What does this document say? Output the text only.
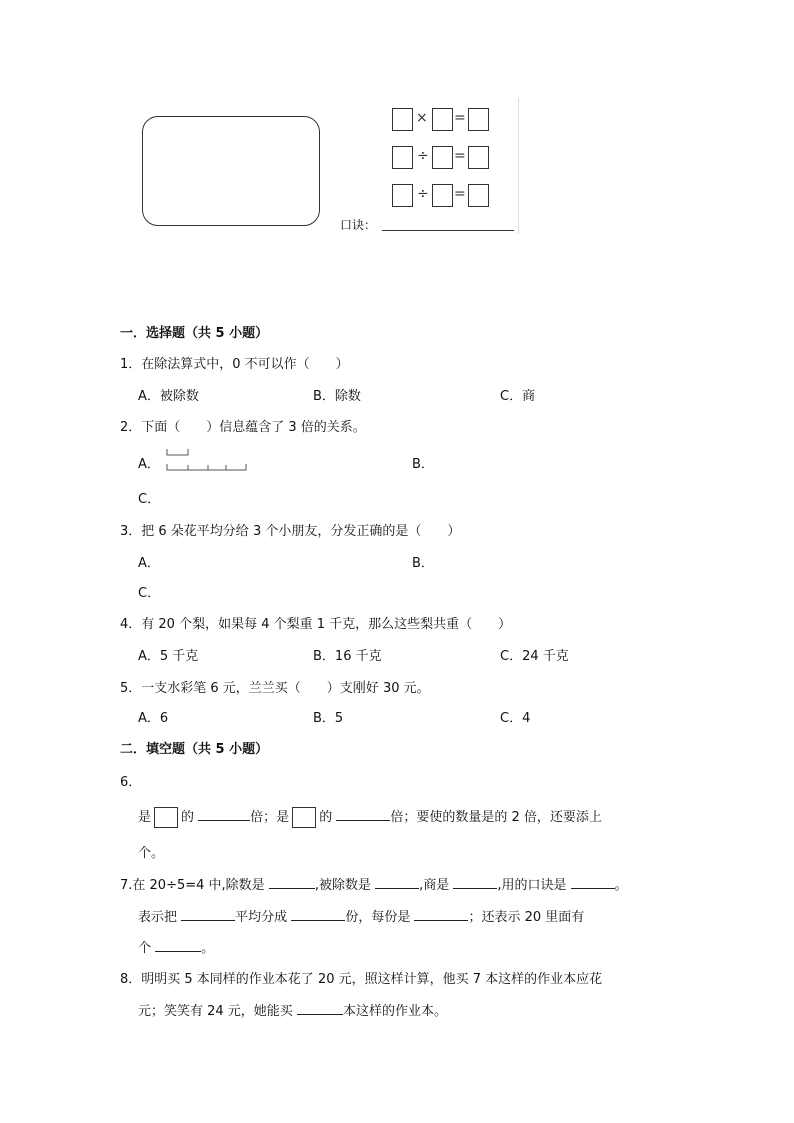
× =
÷ =
÷ =
口诀：
一．选择题（共 5 小题）
1．在除法算式中，0 不可以作（　　）
A．被除数	B．除数	C．商
2．下面（　　）信息蕴含了 3 倍的关系。
A．	B．
C．
3．把 6 朵花平均分给 3 个小朋友，分发正确的是（　　）
A．	B．
C．
4．有 20 个梨，如果每 4 个梨重 1 千克，那么这些梨共重（　　）
A．5 千克	B．16 千克	C．24 千克
5．一支水彩笔 6 元，兰兰买（　　）支刚好 30 元。
A．6	B．5	C．4
二．填空题（共 5 小题）
6．
是 的	倍；是 的	倍；要使的数量是的 2 倍，还要添上
个。
7.在 20÷5=4 中,除数是	,被除数是	,商是	,用的口诀是	。
表示把	平均分成	份，每份是	；还表示 20 里面有
个	。
8．明明买 5 本同样的作业本花了 20 元，照这样计算，他买 7 本这样的作业本应花
元；笑笑有 24 元，她能买	本这样的作业本。
